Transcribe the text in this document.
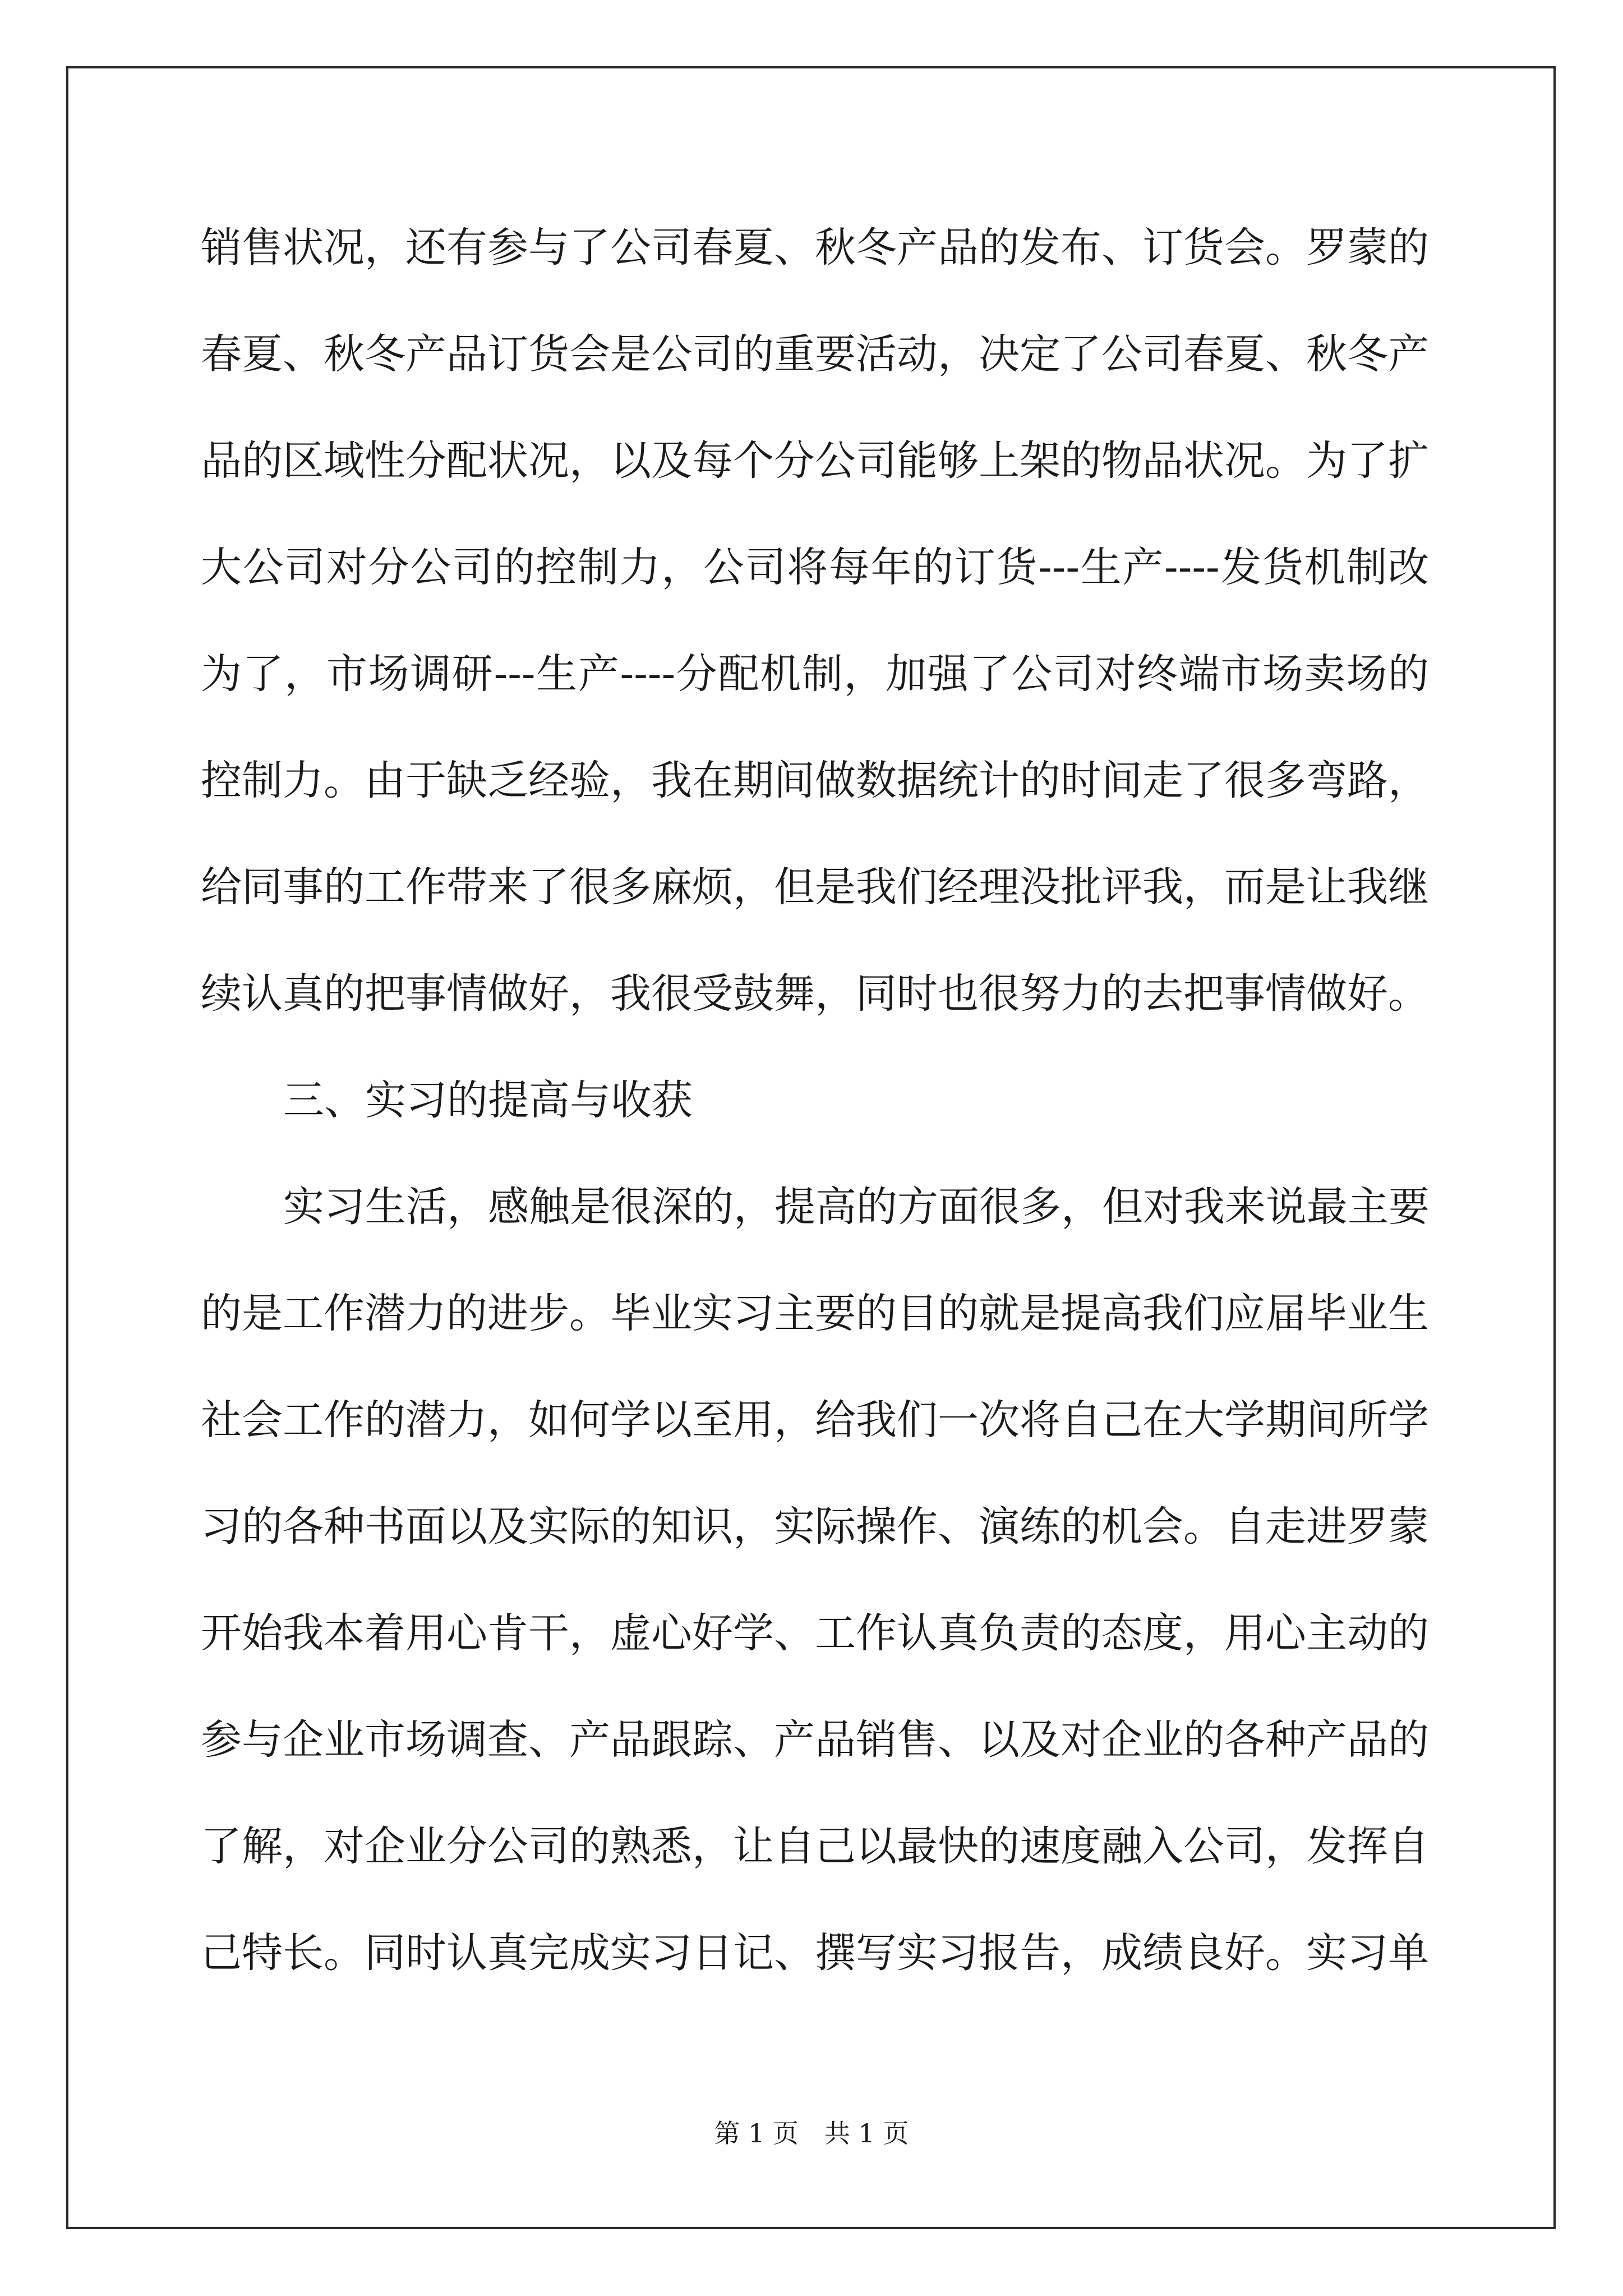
销售状况，还有参与了公司春夏、秋冬产品的发布、订货会。罗蒙的
春夏、秋冬产品订货会是公司的重要活动，决定了公司春夏、秋冬产
品的区域性分配状况，以及每个分公司能够上架的物品状况。为了扩
大公司对分公司的控制力，公司将每年的订货---生产----发货机制改
为了，市场调研---生产----分配机制，加强了公司对终端市场卖场的
控制力。由于缺乏经验，我在期间做数据统计的时间走了很多弯路，
给同事的工作带来了很多麻烦，但是我们经理没批评我，而是让我继
续认真的把事情做好，我很受鼓舞，同时也很努力的去把事情做好。
三、实习的提高与收获
实习生活，感触是很深的，提高的方面很多，但对我来说最主要
的是工作潜力的进步。毕业实习主要的目的就是提高我们应届毕业生
社会工作的潜力，如何学以至用，给我们一次将自己在大学期间所学
习的各种书面以及实际的知识，实际操作、演练的机会。自走进罗蒙
开始我本着用心肯干，虚心好学、工作认真负责的态度，用心主动的
参与企业市场调查、产品跟踪、产品销售、以及对企业的各种产品的
了解，对企业分公司的熟悉，让自己以最快的速度融入公司，发挥自
己特长。同时认真完成实习日记、撰写实习报告，成绩良好。实习单
第 1 页　共 1 页
